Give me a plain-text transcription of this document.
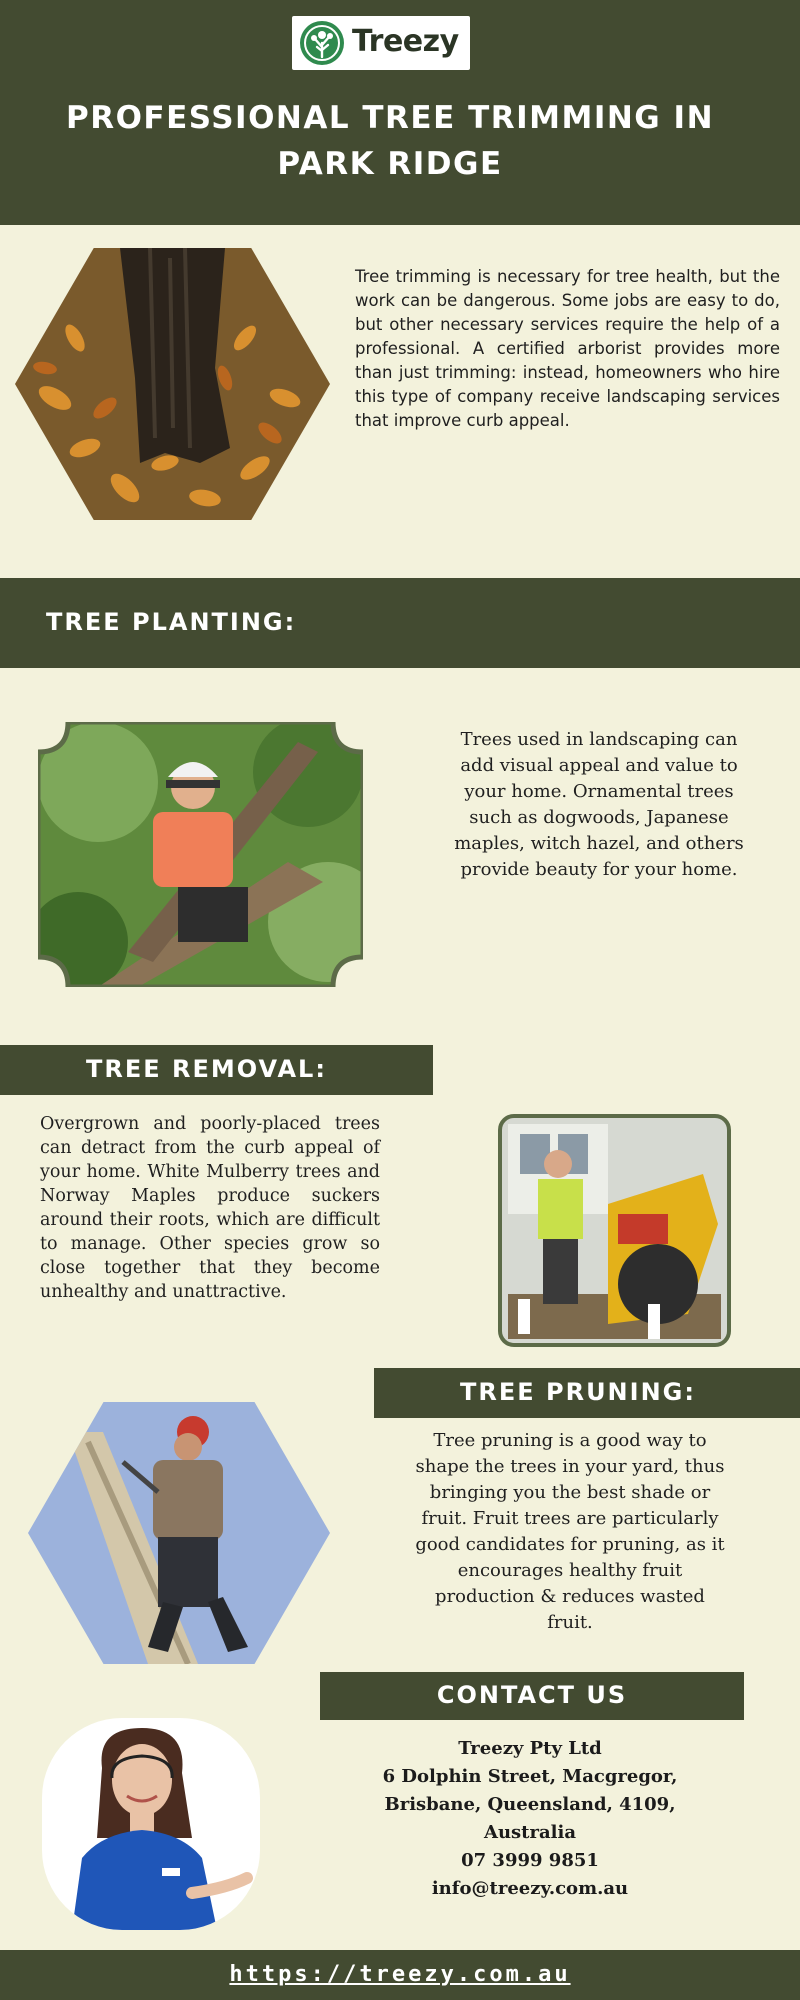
Treezy
PROFESSIONAL TREE TRIMMING IN PARK RIDGE
Tree trimming is necessary for tree health, but the work can be dangerous. Some jobs are easy to do, but other necessary services require the help of a professional. A certified arborist provides more than just trimming: instead, homeowners who hire this type of company receive landscaping services that improve curb appeal.
TREE PLANTING:
Trees used in landscaping can add visual appeal and value to your home. Ornamental trees such as dogwoods, Japanese maples, witch hazel, and others provide beauty for your home.
TREE REMOVAL:
Overgrown and poorly-placed trees can detract from the curb appeal of your home. White Mulberry trees and Norway Maples produce suckers around their roots, which are difficult to manage. Other species grow so close together that they become unhealthy and unattractive.
TREE PRUNING:
Tree pruning is a good way to shape the trees in your yard, thus bringing you the best shade or fruit. Fruit trees are particularly good candidates for pruning, as it encourages healthy fruit production & reduces wasted fruit.
CONTACT US
Treezy Pty Ltd
6 Dolphin Street, Macgregor,
Brisbane, Queensland, 4109,
Australia
07 3999 9851
info@treezy.com.au
https://treezy.com.au
